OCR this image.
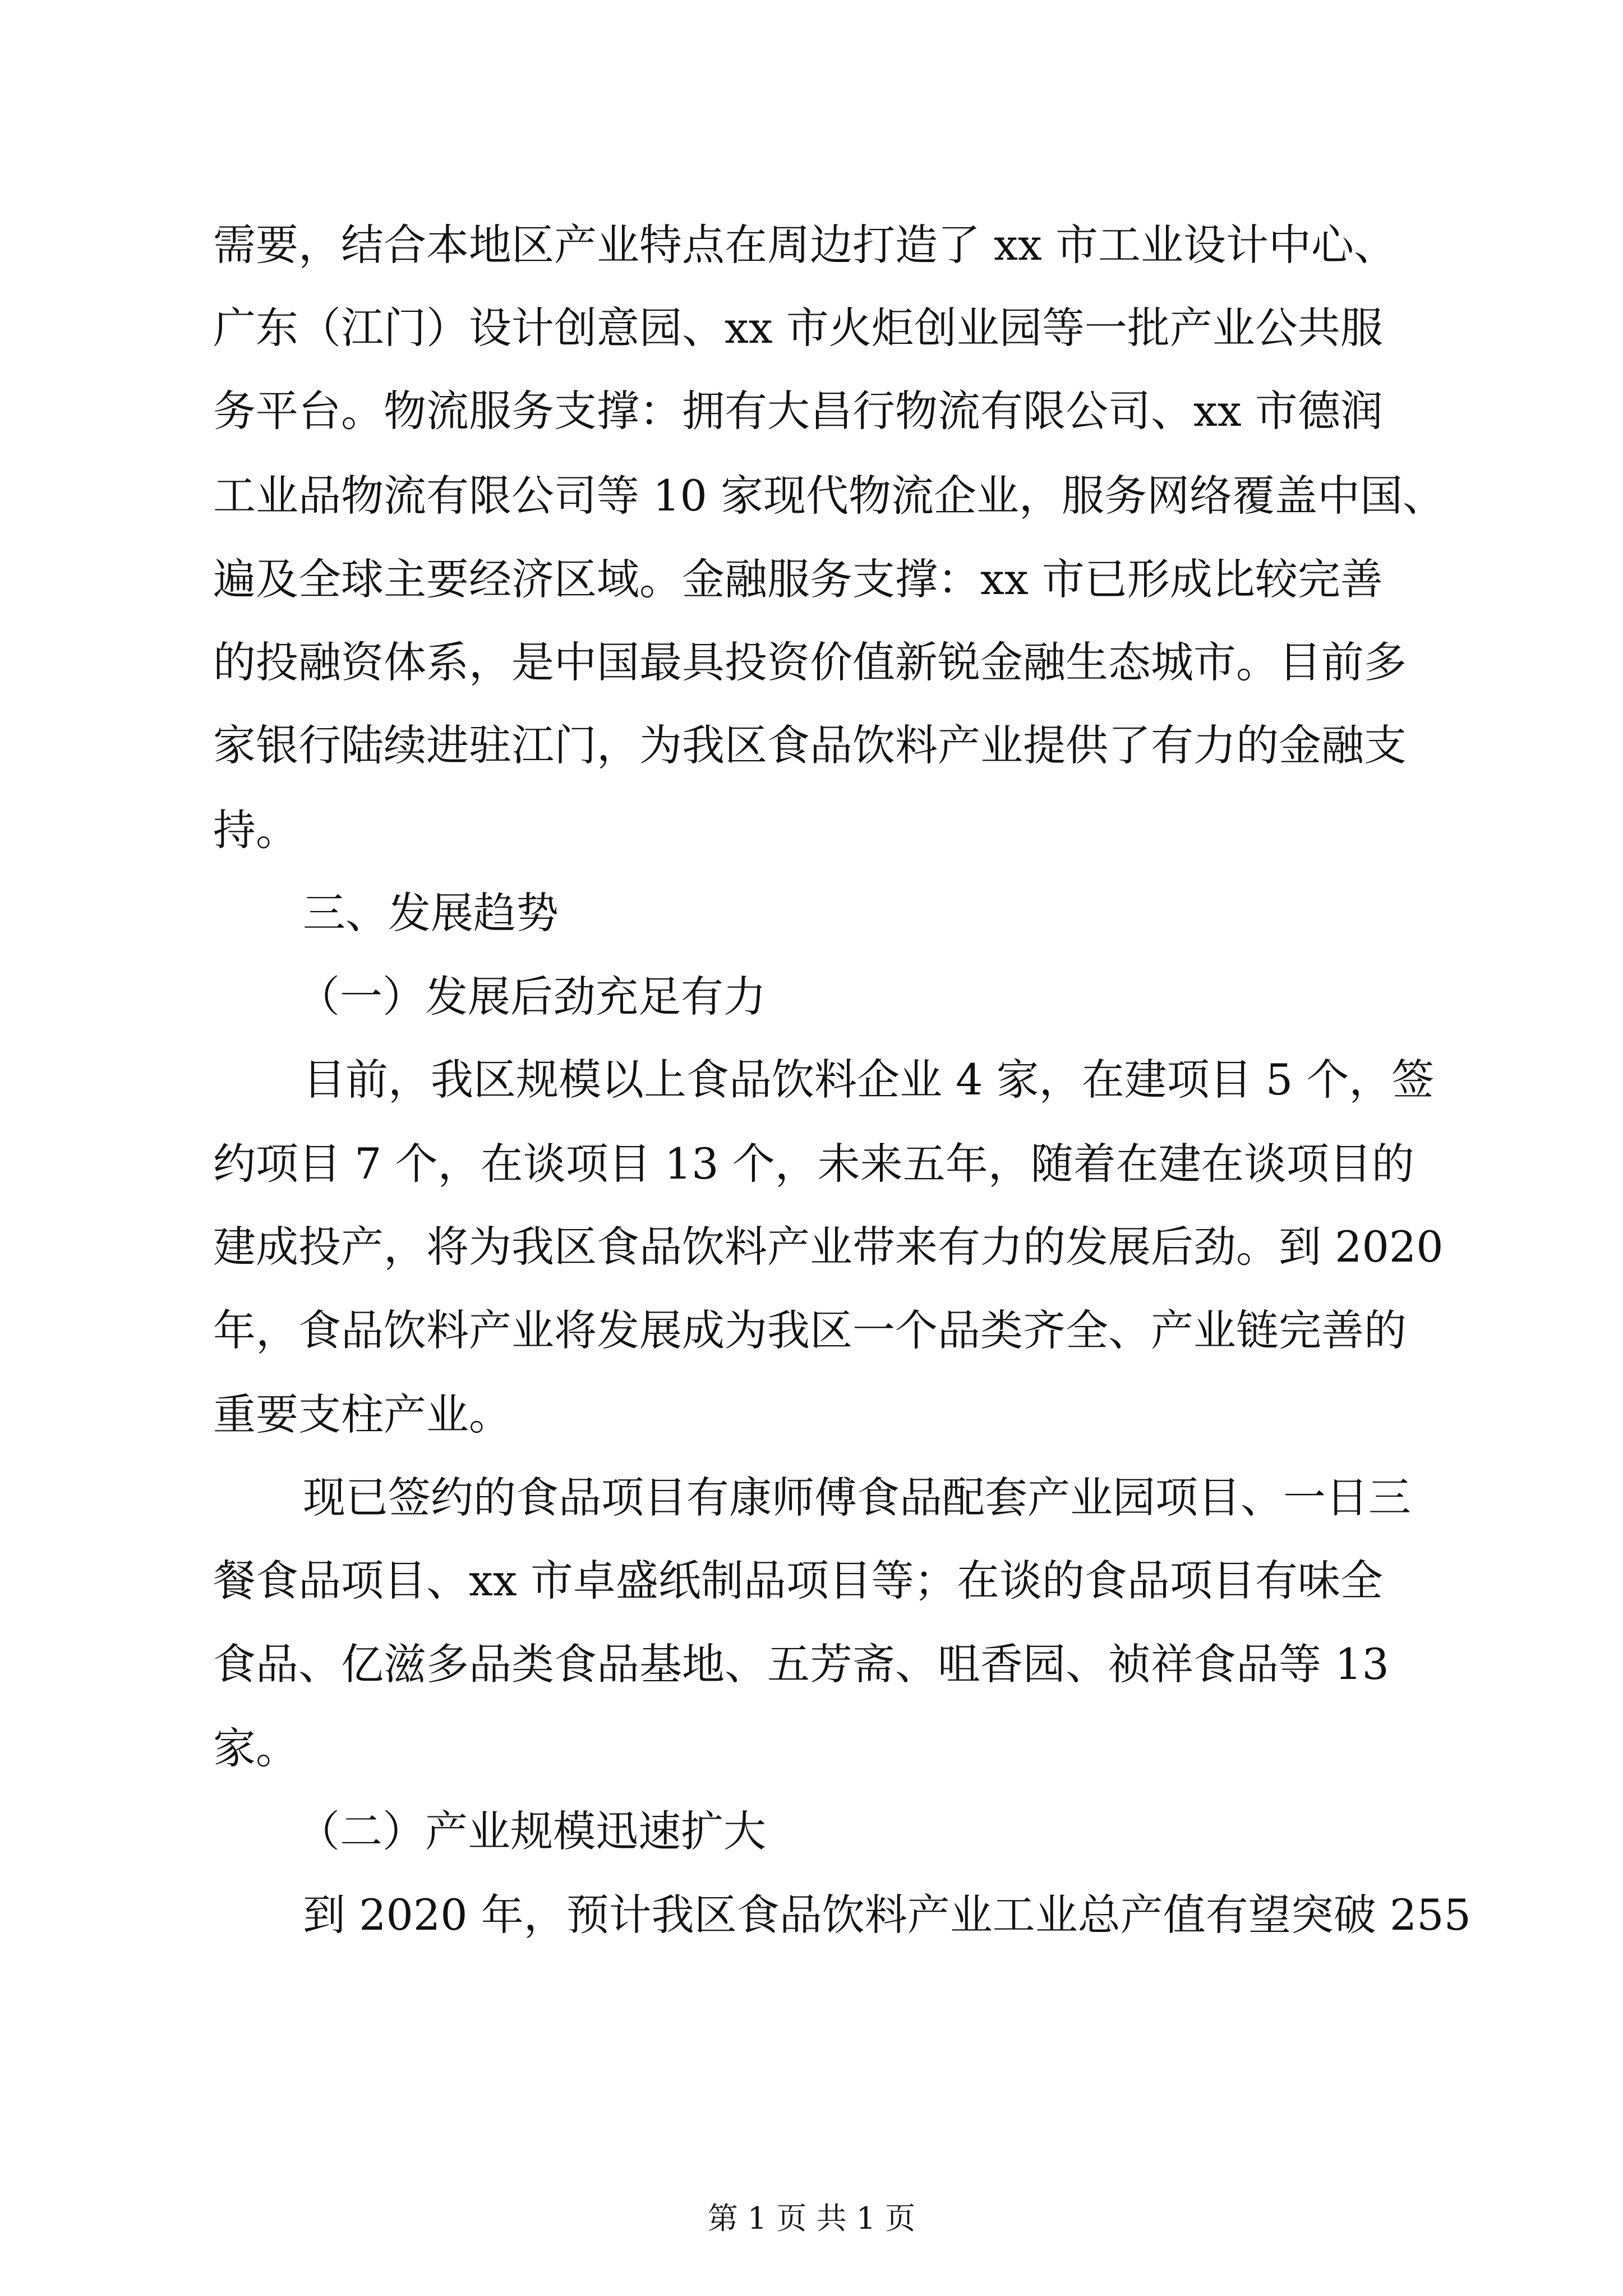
需要，结合本地区产业特点在周边打造了 xx 市工业设计中心、
广东（江门）设计创意园、xx 市火炬创业园等一批产业公共服
务平台。物流服务支撑：拥有大昌行物流有限公司、xx 市德润
工业品物流有限公司等 10 家现代物流企业，服务网络覆盖中国、
遍及全球主要经济区域。金融服务支撑：xx 市已形成比较完善
的投融资体系，是中国最具投资价值新锐金融生态城市。目前多
家银行陆续进驻江门，为我区食品饮料产业提供了有力的金融支
持。
三、发展趋势
（一）发展后劲充足有力
目前，我区规模以上食品饮料企业 4 家，在建项目 5 个，签
约项目 7 个，在谈项目 13 个，未来五年，随着在建在谈项目的
建成投产，将为我区食品饮料产业带来有力的发展后劲。到 2020
年，食品饮料产业将发展成为我区一个品类齐全、产业链完善的
重要支柱产业。
现已签约的食品项目有康师傅食品配套产业园项目、一日三
餐食品项目、xx 市卓盛纸制品项目等；在谈的食品项目有味全
食品、亿滋多品类食品基地、五芳斋、咀香园、祯祥食品等 13
家。
（二）产业规模迅速扩大
到 2020 年，预计我区食品饮料产业工业总产值有望突破 255
第 1 页 共 1 页
